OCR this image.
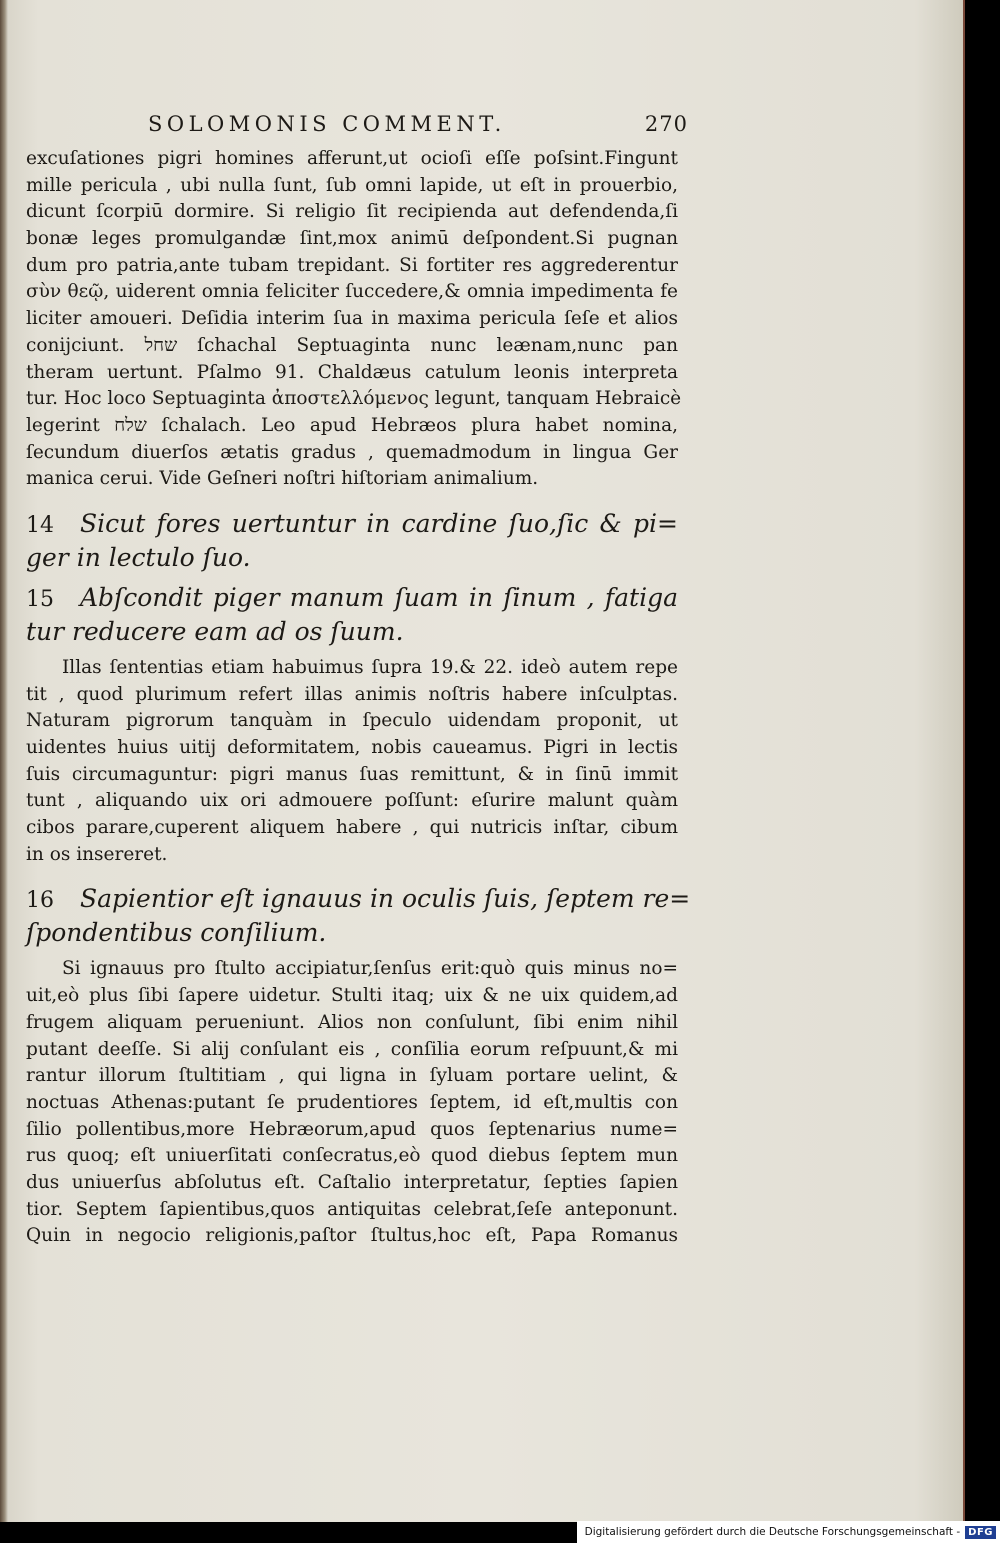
SOLOMONIS COMMENT.	270
excuſationes pigri homines afferunt,ut ocioſi eſſe poſsint.Fingunt
mille pericula , ubi nulla ſunt, ſub omni lapide, ut eſt in prouerbio,
dicunt ſcorpiū dormire. Si religio ſit recipienda aut defendenda,ſi
bonæ leges promulgandæ ſint,mox animū deſpondent.Si pugnan
dum pro patria,ante tubam trepidant. Si fortiter res aggrederentur
σὺν θεῷ, uiderent omnia feliciter ſuccedere,& omnia impedimenta fe
liciter amoueri. Deſidia interim ſua in maxima pericula ſeſe et alios
conijciunt. שחל ſchachal Septuaginta nunc leænam,nunc pan
theram uertunt. Pſalmo 91. Chaldæus catulum leonis interpreta
tur. Hoc loco Septuaginta ἀποστελλόμενος legunt, tanquam Hebraicè
legerint שלח ſchalach. Leo apud Hebræos plura habet nomina,
ſecundum diuerſos ætatis gradus , quemadmodum in lingua Ger
manica cerui. Vide Geſneri noſtri hiſtoriam animalium.
14 Sicut fores uertuntur in cardine ſuo,ſic & pi=
ger in lectulo ſuo.
15 Abſcondit piger manum ſuam in ſinum , fatiga
tur reducere eam ad os ſuum.
Illas ſententias etiam habuimus ſupra 19.& 22. ideò autem repe
tit , quod plurimum refert illas animis noſtris habere inſculptas.
Naturam pigrorum tanquàm in ſpeculo uidendam proponit, ut
uidentes huius uitij deformitatem, nobis caueamus. Pigri in lectis
ſuis circumaguntur: pigri manus ſuas remittunt, & in ſinū immit
tunt , aliquando uix ori admouere poſſunt: eſurire malunt quàm
cibos parare,cuperent aliquem habere , qui nutricis inſtar, cibum
in os insereret.
16 Sapientior eſt ignauus in oculis ſuis, ſeptem re=
ſpondentibus conſilium.
Si ignauus pro ſtulto accipiatur,ſenſus erit:quò quis minus no=
uit,eò plus ſibi ſapere uidetur. Stulti itaq; uix & ne uix quidem,ad
frugem aliquam perueniunt. Alios non conſulunt, ſibi enim nihil
putant deeſſe. Si alij conſulant eis , conſilia eorum reſpuunt,& mi
rantur illorum ſtultitiam , qui ligna in ſyluam portare uelint, &
noctuas Athenas:putant ſe prudentiores ſeptem, id eſt,multis con
ſilio pollentibus,more Hebræorum,apud quos ſeptenarius nume=
rus quoq; eſt uniuerſitati conſecratus,eò quod diebus ſeptem mun
dus uniuerſus abſolutus eſt. Caſtalio interpretatur, ſepties ſapien
tior. Septem ſapientibus,quos antiquitas celebrat,ſeſe anteponunt.
Quin in negocio religionis,paſtor ſtultus,hoc eſt, Papa Romanus
Digitalisierung gefördert durch die Deutsche Forschungsgemeinschaft - DFG
